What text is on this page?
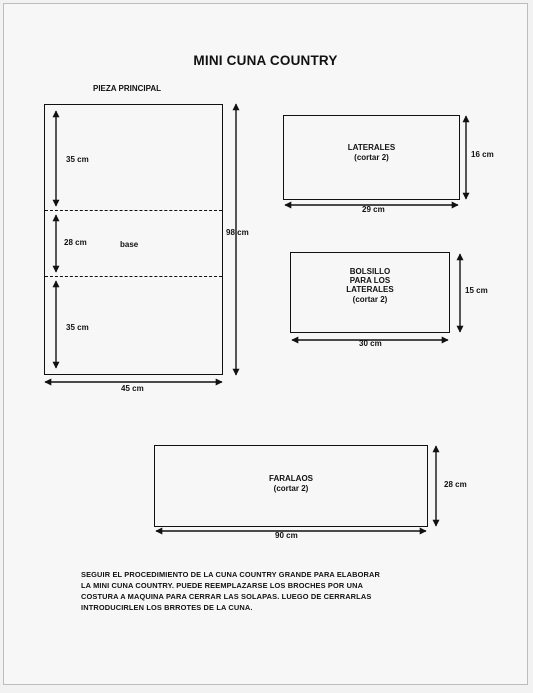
MINI CUNA COUNTRY
PIEZA PRINCIPAL
35 cm
28 cm	base
35 cm
98 cm
45 cm
LATERALES
(cortar 2)	16 cm
29 cm
BOLSILLO
PARA LOS
LATERALES
(cortar 2)
15 cm
30 cm
FARALAOS
(cortar 2)	28 cm
90 cm
SEGUIR EL PROCEDIMIENTO DE LA CUNA COUNTRY GRANDE PARA ELABORAR
LA MINI CUNA COUNTRY. PUEDE REEMPLAZARSE LOS BROCHES POR UNA
COSTURA A MAQUINA PARA CERRAR LAS SOLAPAS. LUEGO DE CERRARLAS
INTRODUCIRLEN LOS BRROTES DE LA CUNA.
